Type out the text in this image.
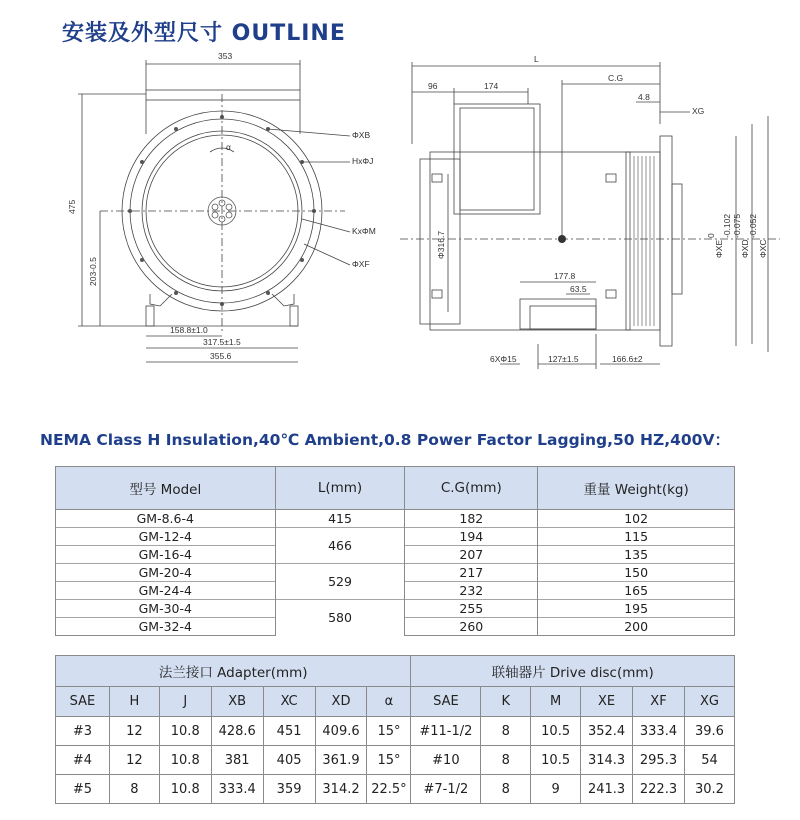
安装及外型尺寸 OUTLINE
353
475
203-0.5
ΦXB
HxΦJ
KxΦM
ΦXF
α
158.8±1.0
317.5±1.5
355.6
L
96	174
C.G
4.8
XG
Φ316.7
177.8
63.5
6XΦ15	127±1.5	166.6±2
ΦXE
0 -0.102
ΦXD
-0.075 -0.052
ΦXC
NEMA Class H Insulation,40℃ Ambient,0.8 Power Factor Lagging,50 HZ,400V：
型号 Model	L(mm)	C.G(mm)	重量 Weight(kg)
GM-8.6-4	415	182	102
GM-12-4	466	194	115
GM-16-4		207	135
GM-20-4	529	217	150
GM-24-4		232	165
GM-30-4	580	255	195
GM-32-4		260	200
法兰接口 Adapter(mm)							联轴器片 Drive disc(mm)					
SAE	H	J	XB	XC	XD	α	SAE	K	M	XE	XF	XG
#3	12	10.8	428.6	451	409.6	15°	#11-1/2	8	10.5	352.4	333.4	39.6
#4	12	10.8	381	405	361.9	15°	#10	8	10.5	314.3	295.3	54
#5	8	10.8	333.4	359	314.2	22.5°	#7-1/2	8	9	241.3	222.3	30.2
